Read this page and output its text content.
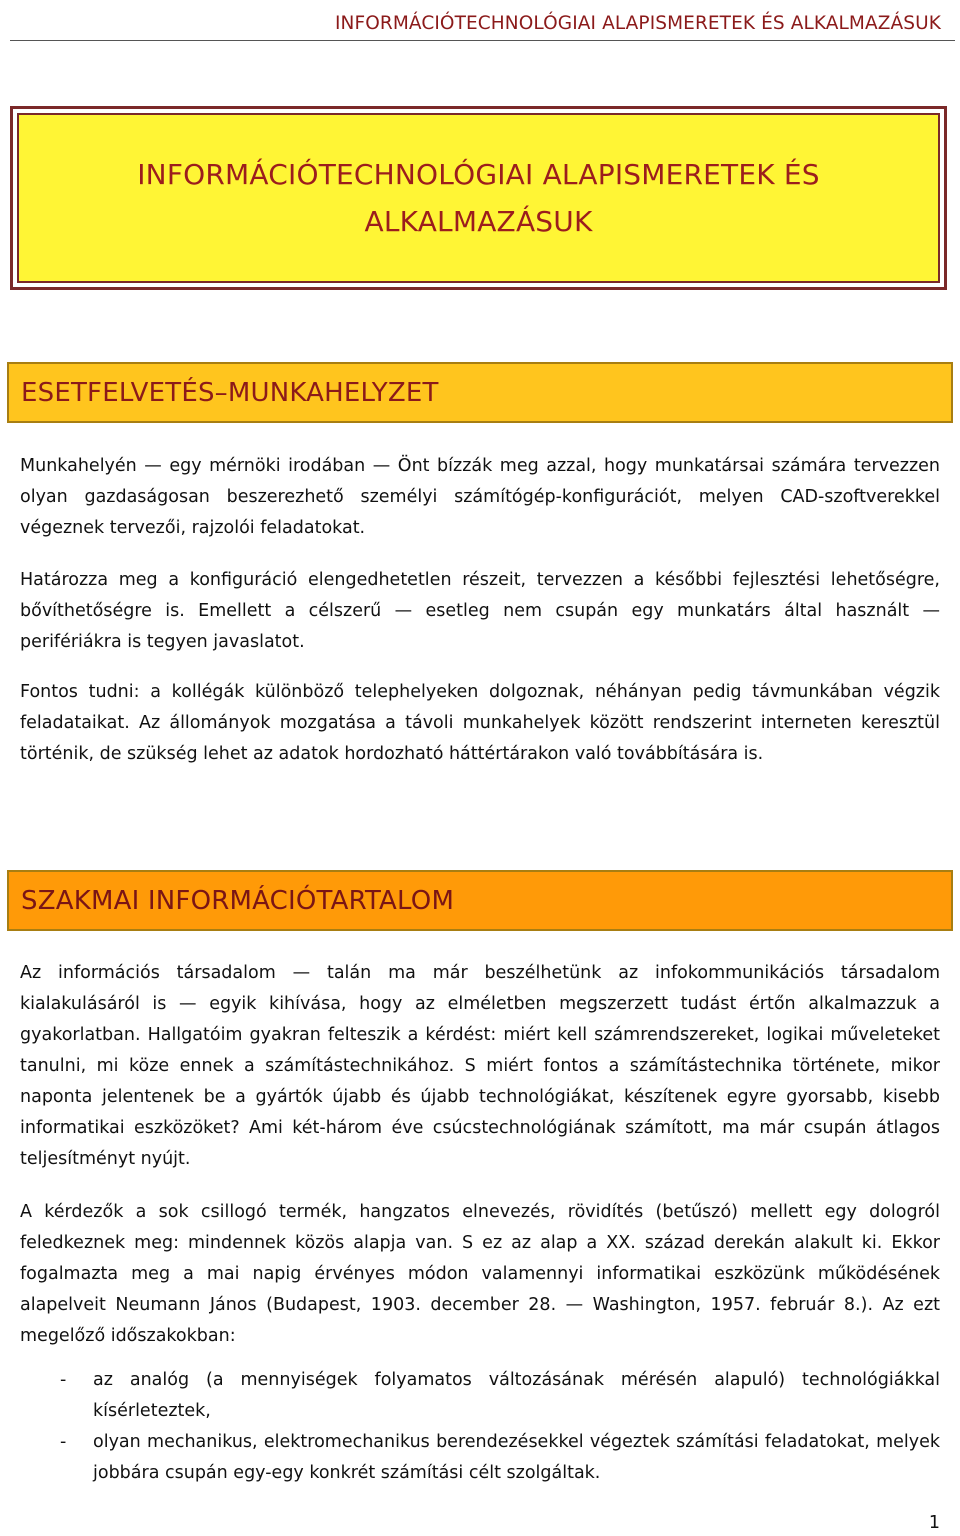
INFORMÁCIÓTECHNOLÓGIAI ALAPISMERETEK ÉS ALKALMAZÁSUK
INFORMÁCIÓTECHNOLÓGIAI ALAPISMERETEK ÉS
ALKALMAZÁSUK
ESETFELVETÉS–MUNKAHELYZET

Munkahelyén — egy mérnöki irodában — Önt bízzák meg azzal, hogy munkatársai számára tervezzen olyan gazdaságosan beszerezhető személyi számítógép-konfigurációt, melyen CAD-szoftverekkel végeznek tervezői, rajzolói feladatokat.

Határozza meg a konfiguráció elengedhetetlen részeit, tervezzen a későbbi fejlesztési lehetőségre, bővíthetőségre is. Emellett a célszerű — esetleg nem csupán egy munkatárs által használt — perifériákra is tegyen javaslatot.

Fontos tudni: a kollégák különböző telephelyeken dolgoznak, néhányan pedig távmunkában végzik feladataikat. Az állományok mozgatása a távoli munkahelyek között rendszerint interneten keresztül történik, de szükség lehet az adatok hordozható háttértárakon való továbbítására is.

SZAKMAI INFORMÁCIÓTARTALOM

Az információs társadalom — talán ma már beszélhetünk az infokommunikációs társadalom kialakulásáról is — egyik kihívása, hogy az elméletben megszerzett tudást értőn alkalmazzuk a gyakorlatban. Hallgatóim gyakran felteszik a kérdést: miért kell számrendszereket, logikai műveleteket tanulni, mi köze ennek a számítástechnikához. S miért fontos a számítástechnika története, mikor naponta jelentenek be a gyártók újabb és újabb technológiákat, készítenek egyre gyorsabb, kisebb informatikai eszközöket? Ami két-három éve csúcstechnológiának számított, ma már csupán átlagos teljesítményt nyújt.

A kérdezők a sok csillogó termék, hangzatos elnevezés, rövidítés (betűszó) mellett egy dologról feledkeznek meg: mindennek közös alapja van. S ez az alap a XX. század derekán alakult ki. Ekkor fogalmazta meg a mai napig érvényes módon valamennyi informatikai eszközünk működésének alapelveit Neumann János (Budapest, 1903. december 28. — Washington, 1957. február 8.). Az ezt megelőző időszakokban:

- az analóg (a mennyiségek folyamatos változásának mérésén alapuló) technológiákkal kísérleteztek,
- olyan mechanikus, elektromechanikus berendezésekkel végeztek számítási feladatokat, melyek jobbára csupán egy-egy konkrét számítási célt szolgáltak.
1
